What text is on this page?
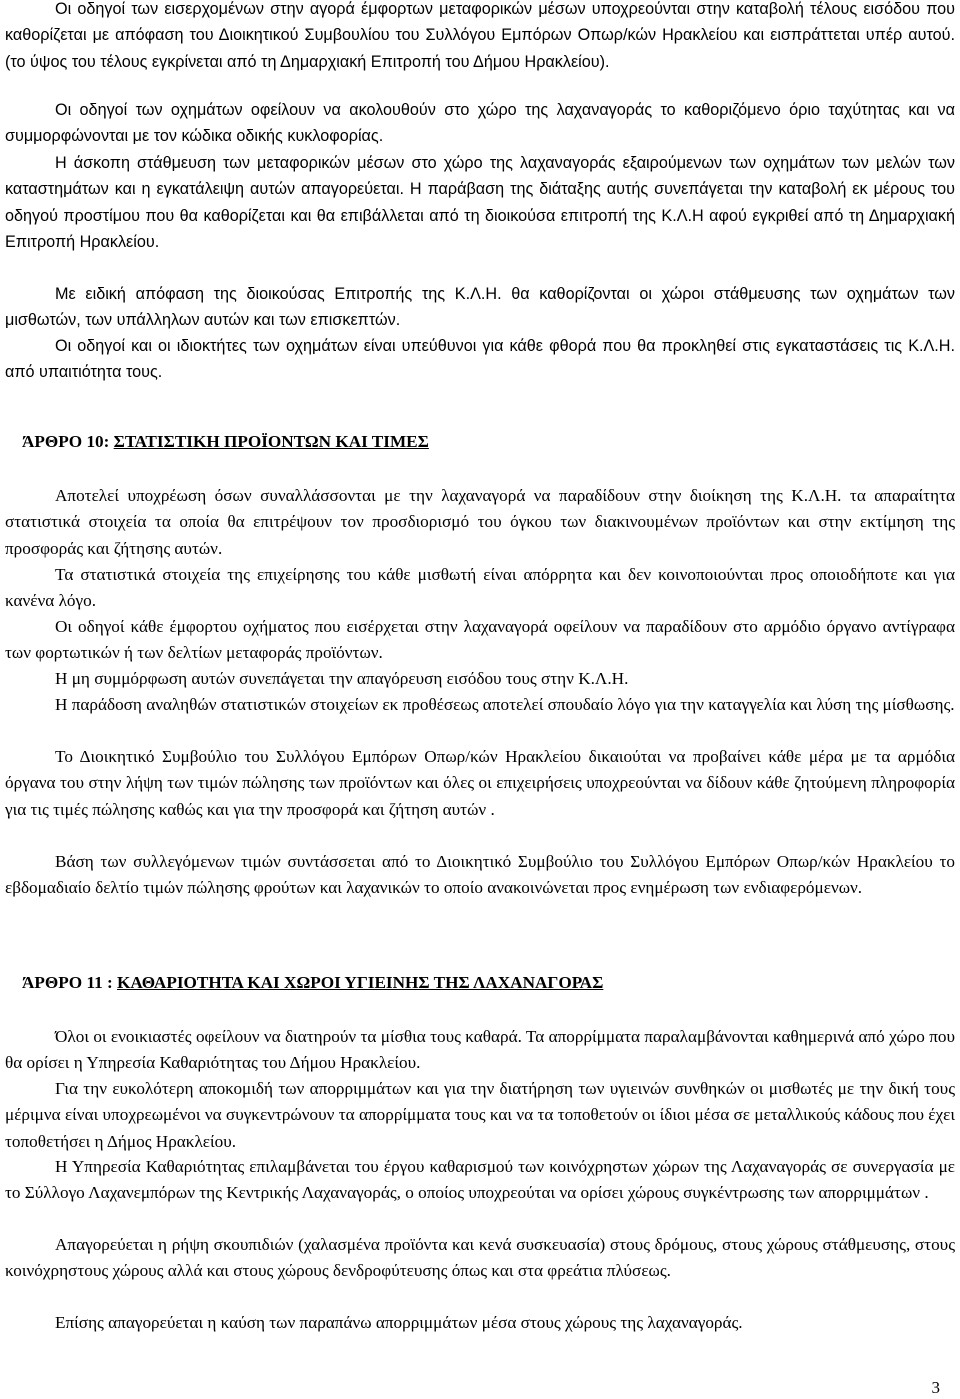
Οι οδηγοί των εισερχομένων στην αγορά έμφορτων μεταφορικών μέσων υποχρεούνται στην καταβολή τέλους εισόδου που καθορίζεται με απόφαση του Διοικητικού Συμβουλίου του Συλλόγου Εμπόρων Οπωρ/κών Ηρακλείου και εισπράττεται υπέρ αυτού. (το ύψος του τέλους εγκρίνεται από τη Δημαρχιακή Επιτροπή του Δήμου Ηρακλείου).

Οι οδηγοί των οχημάτων οφείλουν να ακολουθούν στο χώρο της λαχαναγοράς το καθοριζόμενο όριο ταχύτητας και να συμμορφώνονται με τον κώδικα οδικής κυκλοφορίας.

Η άσκοπη στάθμευση των μεταφορικών μέσων στο χώρο της λαχαναγοράς εξαιρούμενων των οχημάτων των μελών των καταστημάτων και η εγκατάλειψη αυτών απαγορεύεται. Η παράβαση της διάταξης αυτής συνεπάγεται την καταβολή εκ μέρους του οδηγού προστίμου που θα καθορίζεται και θα επιβάλλεται από τη διοικούσα επιτροπή της Κ.Λ.Η αφού εγκριθεί από τη Δημαρχιακή Επιτροπή Ηρακλείου.

Με ειδική απόφαση της διοικούσας Επιτροπής της Κ.Λ.Η. θα καθορίζονται οι χώροι στάθμευσης των οχημάτων των μισθωτών, των υπάλληλων αυτών και των επισκεπτών.

Οι οδηγοί και οι ιδιοκτήτες των οχημάτων είναι υπεύθυνοι για κάθε φθορά που θα προκληθεί στις εγκαταστάσεις τις Κ.Λ.Η. από υπαιτιότητα τους.

ΆΡΘΡΟ 10: ΣΤΑΤΙΣΤΙΚΗ ΠΡΟΪΟΝΤΩΝ ΚΑΙ ΤΙΜΕΣ

Αποτελεί υποχρέωση όσων συναλλάσσονται με την λαχαναγορά να παραδίδουν στην διοίκηση της Κ.Λ.Η. τα απαραίτητα στατιστικά στοιχεία τα οποία θα επιτρέψουν τον προσδιορισμό του όγκου των διακινουμένων προϊόντων και στην εκτίμηση της προσφοράς και ζήτησης αυτών.

Τα στατιστικά στοιχεία της επιχείρησης του κάθε μισθωτή είναι απόρρητα και δεν κοινοποιούνται προς οποιοδήποτε και για κανένα λόγο.

Οι οδηγοί κάθε έμφορτου οχήματος που εισέρχεται στην λαχαναγορά οφείλουν να παραδίδουν στο αρμόδιο όργανο αντίγραφα των φορτωτικών ή των δελτίων μεταφοράς προϊόντων.

Η μη συμμόρφωση αυτών συνεπάγεται την απαγόρευση εισόδου τους στην Κ.Λ.Η.

Η παράδοση αναληθών στατιστικών στοιχείων εκ προθέσεως αποτελεί σπουδαίο λόγο για την καταγγελία και λύση της μίσθωσης.

Το Διοικητικό Συμβούλιο του Συλλόγου Εμπόρων Οπωρ/κών Ηρακλείου δικαιούται να προβαίνει κάθε μέρα με τα αρμόδια όργανα του στην λήψη των τιμών πώλησης των προϊόντων και όλες οι επιχειρήσεις υποχρεούνται να δίδουν κάθε ζητούμενη πληροφορία για τις τιμές πώλησης καθώς και για την προσφορά και ζήτηση αυτών .

Βάση των συλλεγόμενων τιμών συντάσσεται από το Διοικητικό Συμβούλιο του Συλλόγου Εμπόρων Οπωρ/κών Ηρακλείου το εβδομαδιαίο δελτίο τιμών πώλησης φρούτων και λαχανικών το οποίο ανακοινώνεται προς ενημέρωση των ενδιαφερόμενων.

ΆΡΘΡΟ 11 : ΚΑΘΑΡΙΟΤΗΤΑ ΚΑΙ ΧΩΡΟΙ ΥΓΙΕΙΝΗΣ ΤΗΣ ΛΑΧΑΝΑΓΟΡΑΣ

Όλοι οι ενοικιαστές οφείλουν να διατηρούν τα μίσθια τους καθαρά. Τα απορρίμματα παραλαμβάνονται καθημερινά από χώρο που θα ορίσει η Υπηρεσία Καθαριότητας του Δήμου Ηρακλείου.

Για την ευκολότερη αποκομιδή των απορριμμάτων και για την διατήρηση των υγιεινών συνθηκών οι μισθωτές με την δική τους μέριμνα είναι υποχρεωμένοι να συγκεντρώνουν τα απορρίμματα τους και να τα τοποθετούν οι ίδιοι μέσα σε μεταλλικούς κάδους που έχει τοποθετήσει η Δήμος Ηρακλείου.

Η Υπηρεσία Καθαριότητας επιλαμβάνεται του έργου καθαρισμού των κοινόχρηστων χώρων της Λαχαναγοράς σε συνεργασία με το Σύλλογο Λαχανεμπόρων της Κεντρικής Λαχαναγοράς, ο οποίος υποχρεούται να ορίσει χώρους συγκέντρωσης των απορριμμάτων .

Απαγορεύεται η ρήψη σκουπιδιών (χαλασμένα προϊόντα και κενά συσκευασία) στους δρόμους, στους χώρους στάθμευσης, στους κοινόχρηστους χώρους αλλά και στους χώρους δενδροφύτευσης όπως και στα φρεάτια πλύσεως.

Επίσης απαγορεύεται η καύση των παραπάνω απορριμμάτων μέσα στους χώρους της λαχαναγοράς.

3
